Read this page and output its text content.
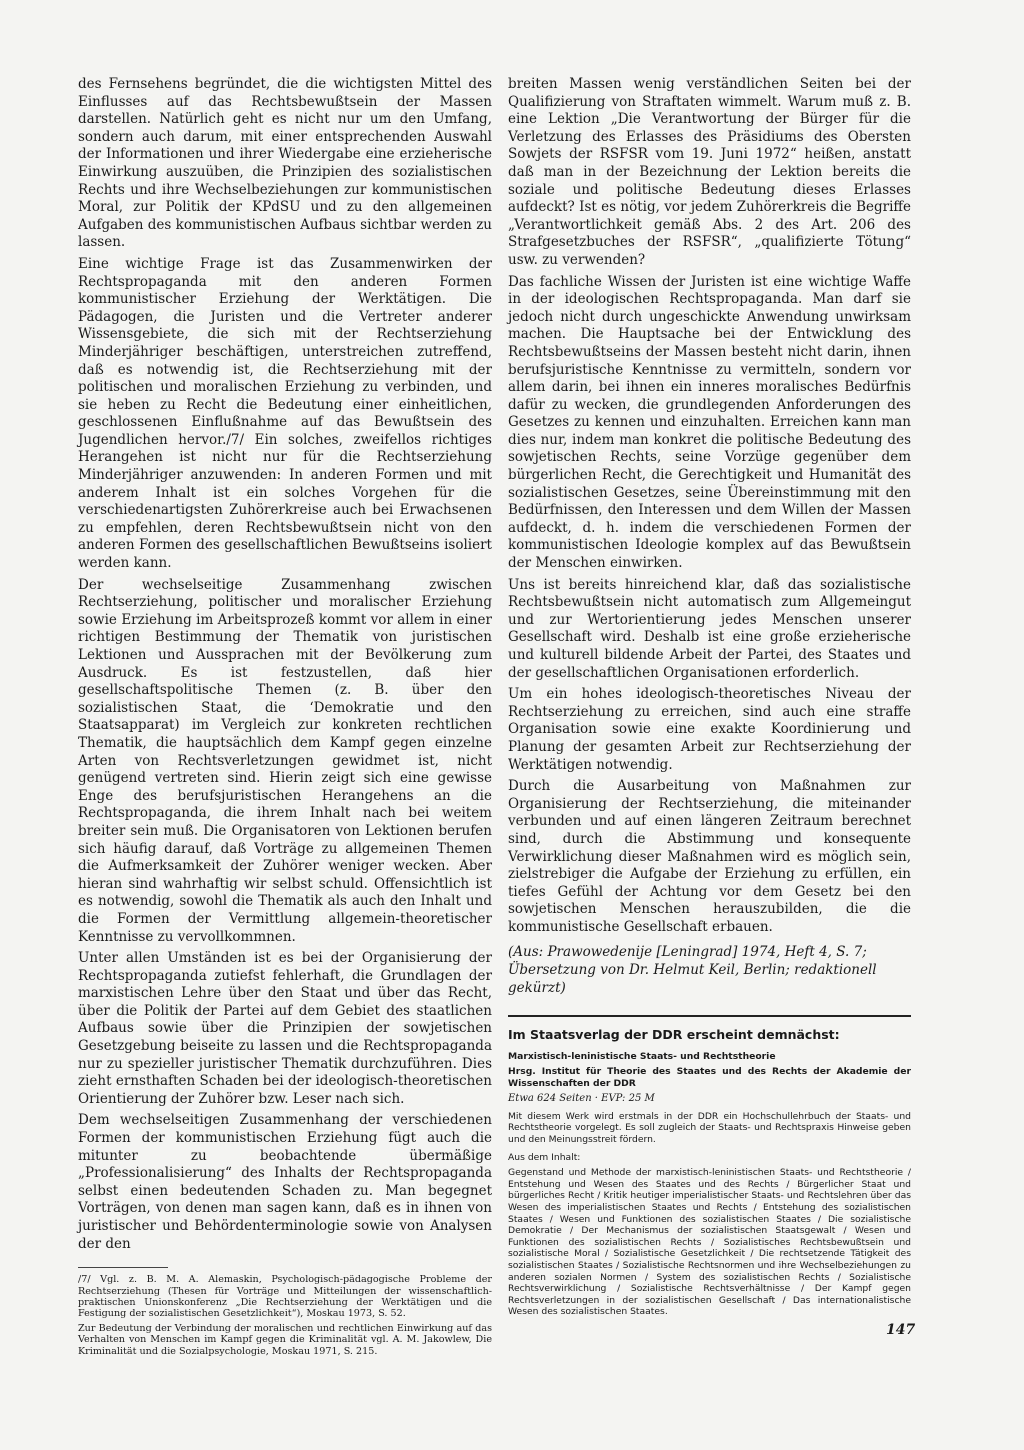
des Fernsehens begründet, die die wichtigsten Mittel des Einflusses auf das Rechtsbewußtsein der Massen darstellen. Natürlich geht es nicht nur um den Umfang, sondern auch darum, mit einer entsprechenden Auswahl der Informationen und ihrer Wiedergabe eine erzieherische Einwirkung auszuüben, die Prinzipien des sozialistischen Rechts und ihre Wechselbeziehungen zur kommunistischen Moral, zur Politik der KPdSU und zu den allgemeinen Aufgaben des kommunistischen Aufbaus sichtbar werden zu lassen.

Eine wichtige Frage ist das Zusammenwirken der Rechtspropaganda mit den anderen Formen kommunistischer Erziehung der Werktätigen. Die Pädagogen, die Juristen und die Vertreter anderer Wissensgebiete, die sich mit der Rechtserziehung Minderjähriger beschäftigen, unterstreichen zutreffend, daß es notwendig ist, die Rechtserziehung mit der politischen und moralischen Erziehung zu verbinden, und sie heben zu Recht die Bedeutung einer einheitlichen, geschlossenen Einflußnahme auf das Bewußtsein des Jugendlichen hervor./7/ Ein solches, zweifellos richtiges Herangehen ist nicht nur für die Rechtserziehung Minderjähriger anzuwenden: In anderen Formen und mit anderem Inhalt ist ein solches Vorgehen für die verschiedenartigsten Zuhörerkreise auch bei Erwachsenen zu empfehlen, deren Rechtsbewußtsein nicht von den anderen Formen des gesellschaftlichen Bewußtseins isoliert werden kann.

Der wechselseitige Zusammenhang zwischen Rechtserziehung, politischer und moralischer Erziehung sowie Erziehung im Arbeitsprozeß kommt vor allem in einer richtigen Bestimmung der Thematik von juristischen Lektionen und Aussprachen mit der Bevölkerung zum Ausdruck. Es ist festzustellen, daß hier gesellschaftspolitische Themen (z. B. über den sozialistischen Staat, die ‘Demokratie und den Staatsapparat) im Vergleich zur konkreten rechtlichen Thematik, die hauptsächlich dem Kampf gegen einzelne Arten von Rechtsverletzungen gewidmet ist, nicht genügend vertreten sind. Hierin zeigt sich eine gewisse Enge des berufsjuristischen Herangehens an die Rechtspropaganda, die ihrem Inhalt nach bei weitem breiter sein muß. Die Organisatoren von Lektionen berufen sich häufig darauf, daß Vorträge zu allgemeinen Themen die Aufmerksamkeit der Zuhörer weniger wecken. Aber hieran sind wahrhaftig wir selbst schuld. Offensichtlich ist es notwendig, sowohl die Thematik als auch den Inhalt und die Formen der Vermittlung allgemein-theoretischer Kenntnisse zu vervollkommnen.

Unter allen Umständen ist es bei der Organisierung der Rechtspropaganda zutiefst fehlerhaft, die Grundlagen der marxistischen Lehre über den Staat und über das Recht, über die Politik der Partei auf dem Gebiet des staatlichen Aufbaus sowie über die Prinzipien der sowjetischen Gesetzgebung beiseite zu lassen und die Rechtspropaganda nur zu spezieller juristischer Thematik durchzuführen. Dies zieht ernsthaften Schaden bei der ideologisch-theoretischen Orientierung der Zuhörer bzw. Leser nach sich.

Dem wechselseitigen Zusammenhang der verschiedenen Formen der kommunistischen Erziehung fügt auch die mitunter zu beobachtende übermäßige „Professionalisierung“ des Inhalts der Rechtspropaganda selbst einen bedeutenden Schaden zu. Man begegnet Vorträgen, von denen man sagen kann, daß es in ihnen von juristischer und Behördenterminologie sowie von Analysen der den

/7/ Vgl. z. B. M. A. Alemaskin, Psychologisch-pädagogische Probleme der Rechtserziehung (Thesen für Vorträge und Mitteilungen der wissenschaftlich-praktischen Unionskonferenz „Die Rechtserziehung der Werktätigen und die Festigung der sozialistischen Gesetzlichkeit“), Moskau 1973, S. 52.

Zur Bedeutung der Verbindung der moralischen und rechtlichen Einwirkung auf das Verhalten von Menschen im Kampf gegen die Kriminalität vgl. A. M. Jakowlew, Die Kriminalität und die Sozialpsychologie, Moskau 1971, S. 215.

breiten Massen wenig verständlichen Seiten bei der Qualifizierung von Straftaten wimmelt. Warum muß z. B. eine Lektion „Die Verantwortung der Bürger für die Verletzung des Erlasses des Präsidiums des Obersten Sowjets der RSFSR vom 19. Juni 1972“ heißen, anstatt daß man in der Bezeichnung der Lektion bereits die soziale und politische Bedeutung dieses Erlasses aufdeckt? Ist es nötig, vor jedem Zuhörerkreis die Begriffe „Verantwortlichkeit gemäß Abs. 2 des Art. 206 des Strafgesetzbuches der RSFSR“, „qualifizierte Tötung“ usw. zu verwenden?

Das fachliche Wissen der Juristen ist eine wichtige Waffe in der ideologischen Rechtspropaganda. Man darf sie jedoch nicht durch ungeschickte Anwendung unwirksam machen. Die Hauptsache bei der Entwicklung des Rechtsbewußtseins der Massen besteht nicht darin, ihnen berufsjuristische Kenntnisse zu vermitteln, sondern vor allem darin, bei ihnen ein inneres moralisches Bedürfnis dafür zu wecken, die grundlegenden Anforderungen des Gesetzes zu kennen und einzuhalten. Erreichen kann man dies nur, indem man konkret die politische Bedeutung des sowjetischen Rechts, seine Vorzüge gegenüber dem bürgerlichen Recht, die Gerechtigkeit und Humanität des sozialistischen Gesetzes, seine Übereinstimmung mit den Bedürfnissen, den Interessen und dem Willen der Massen aufdeckt, d. h. indem die verschiedenen Formen der kommunistischen Ideologie komplex auf das Bewußtsein der Menschen einwirken.

Uns ist bereits hinreichend klar, daß das sozialistische Rechtsbewußtsein nicht automatisch zum Allgemeingut und zur Wertorientierung jedes Menschen unserer Gesellschaft wird. Deshalb ist eine große erzieherische und kulturell bildende Arbeit der Partei, des Staates und der gesellschaftlichen Organisationen erforderlich.

Um ein hohes ideologisch-theoretisches Niveau der Rechtserziehung zu erreichen, sind auch eine straffe Organisation sowie eine exakte Koordinierung und Planung der gesamten Arbeit zur Rechtserziehung der Werktätigen notwendig.

Durch die Ausarbeitung von Maßnahmen zur Organisierung der Rechtserziehung, die miteinander verbunden und auf einen längeren Zeitraum berechnet sind, durch die Abstimmung und konsequente Verwirklichung dieser Maßnahmen wird es möglich sein, zielstrebiger die Aufgabe der Erziehung zu erfüllen, ein tiefes Gefühl der Achtung vor dem Gesetz bei den sowjetischen Menschen herauszubilden, die die kommunistische Gesellschaft erbauen.

(Aus: Prawowedenije [Leningrad] 1974, Heft 4, S. 7; Übersetzung von Dr. Helmut Keil, Berlin; redaktionell gekürzt)

Im Staatsverlag der DDR erscheint demnächst:

Marxistisch-leninistische Staats- und Rechtstheorie

Hrsg. Institut für Theorie des Staates und des Rechts der Akademie der Wissenschaften der DDR

Etwa 624 Seiten · EVP: 25 M

Mit diesem Werk wird erstmals in der DDR ein Hochschullehrbuch der Staats- und Rechtstheorie vorgelegt. Es soll zugleich der Staats- und Rechtspraxis Hinweise geben und den Meinungsstreit fördern.

Aus dem Inhalt:

Gegenstand und Methode der marxistisch-leninistischen Staats- und Rechtstheorie / Entstehung und Wesen des Staates und des Rechts / Bürgerlicher Staat und bürgerliches Recht / Kritik heutiger imperialistischer Staats- und Rechtslehren über das Wesen des imperialistischen Staates und Rechts / Entstehung des sozialistischen Staates / Wesen und Funktionen des sozialistischen Staates / Die sozialistische Demokratie / Der Mechanismus der sozialistischen Staatsgewalt / Wesen und Funktionen des sozialistischen Rechts / Sozialistisches Rechtsbewußtsein und sozialistische Moral / Sozialistische Gesetzlichkeit / Die rechtsetzende Tätigkeit des sozialistischen Staates / Sozialistische Rechtsnormen und ihre Wechselbeziehungen zu anderen sozialen Normen / System des sozialistischen Rechts / Sozialistische Rechtsverwirklichung / Sozialistische Rechtsverhältnisse / Der Kampf gegen Rechtsverletzungen in der sozialistischen Gesellschaft / Das internationalistische Wesen des sozialistischen Staates.

147
